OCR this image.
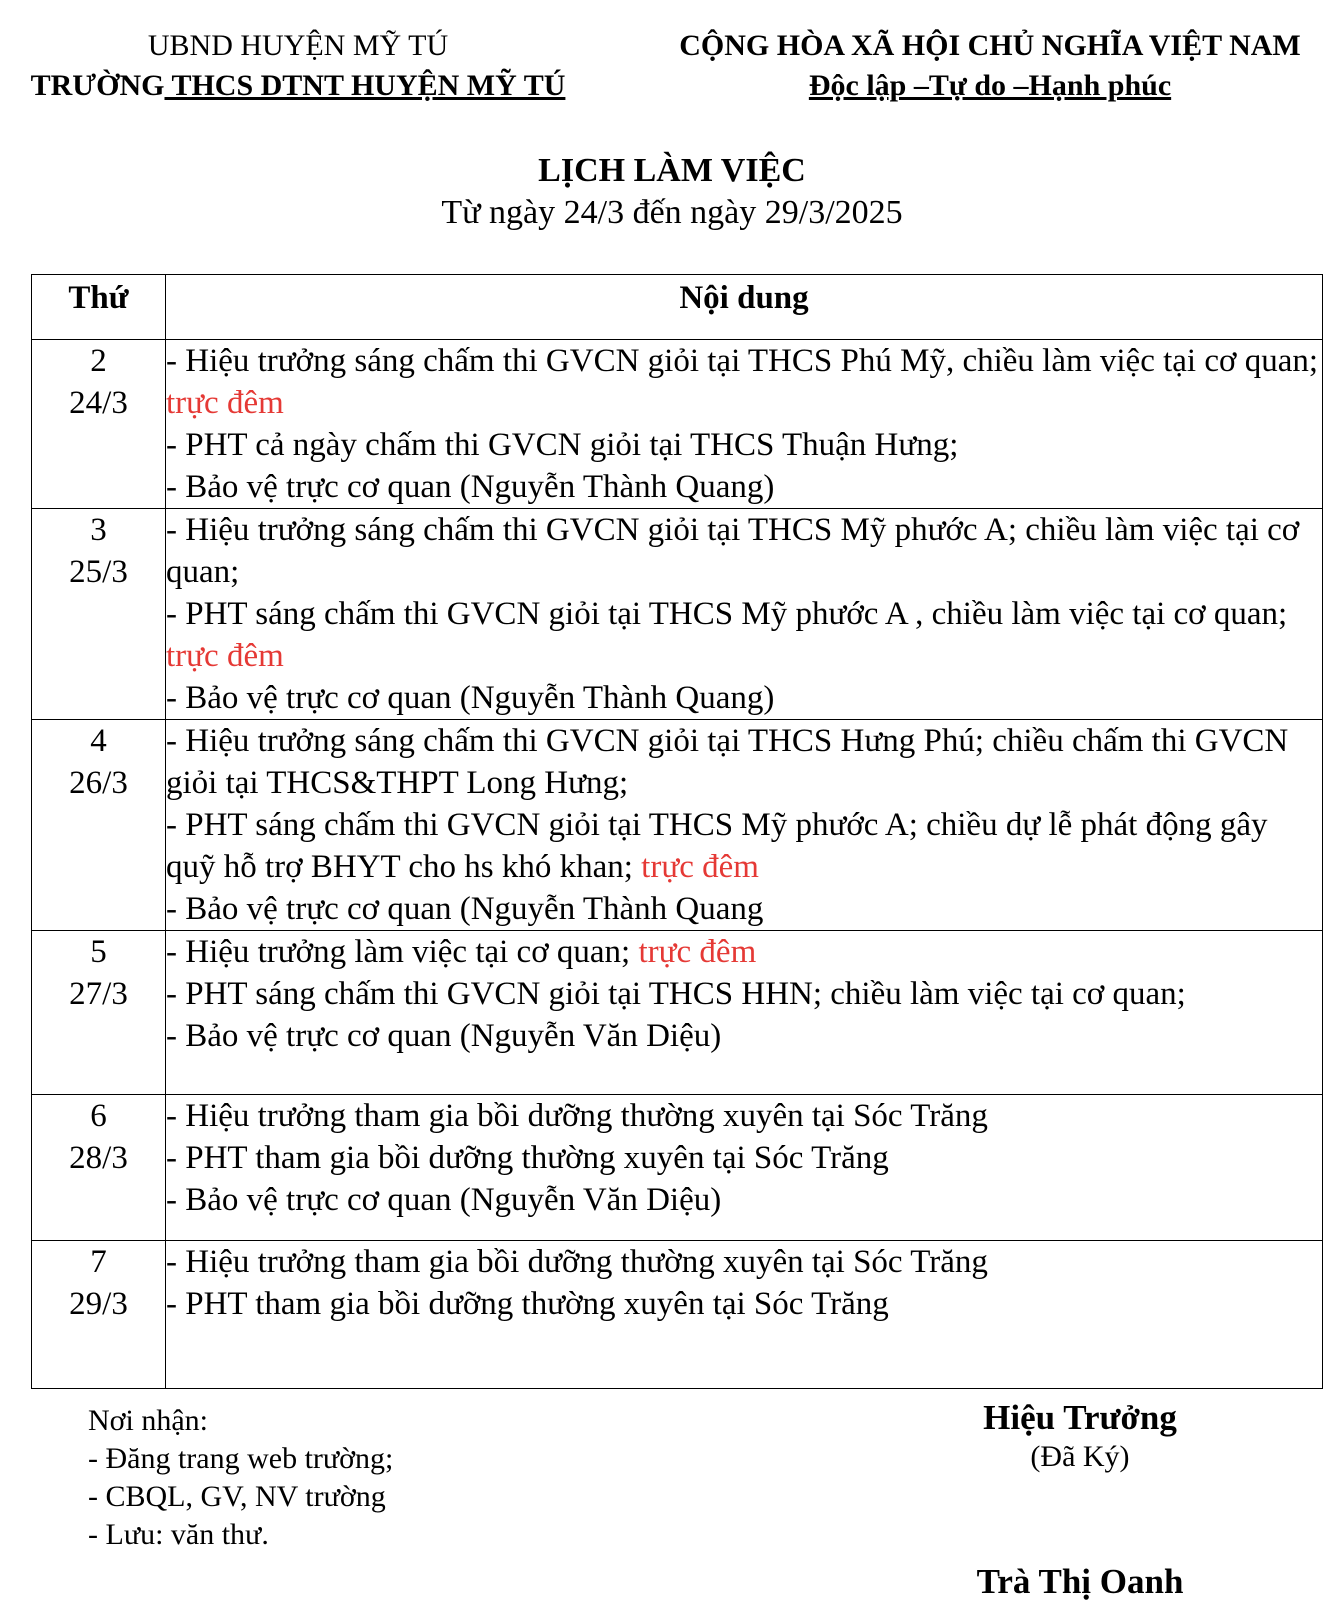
UBND HUYỆN MỸ TÚ
TRƯỜNG THCS DTNT HUYỆN MỸ TÚ
CỘNG HÒA XÃ HỘI CHỦ NGHĨA VIỆT NAM
Độc lập –Tự do –Hạnh phúc
LỊCH LÀM VIỆC
Từ ngày 24/3 đến ngày 29/3/2025
Thứ	Nội dung

2
24/3	- Hiệu trưởng sáng chấm thi GVCN giỏi tại THCS Phú Mỹ, chiều làm việc tại cơ quan; trực đêm
- PHT cả ngày chấm thi GVCN giỏi tại THCS Thuận Hưng;
- Bảo vệ trực cơ quan (Nguyễn Thành Quang)

3
25/3	- Hiệu trưởng sáng chấm thi GVCN giỏi tại THCS Mỹ phước A; chiều làm việc tại cơ quan;
- PHT sáng chấm thi GVCN giỏi tại THCS Mỹ phước A , chiều làm việc tại cơ quan; trực đêm
- Bảo vệ trực cơ quan (Nguyễn Thành Quang)

4
26/3	- Hiệu trưởng sáng chấm thi GVCN giỏi tại THCS Hưng Phú; chiều chấm thi GVCN giỏi tại THCS&THPT Long Hưng;
- PHT sáng chấm thi GVCN giỏi tại THCS Mỹ phước A; chiều dự lễ phát động gây quỹ hỗ trợ BHYT cho hs khó khan; trực đêm
- Bảo vệ trực cơ quan (Nguyễn Thành Quang

5
27/3	- Hiệu trưởng làm việc tại cơ quan; trực đêm
- PHT sáng chấm thi GVCN giỏi tại THCS HHN; chiều làm việc tại cơ quan;
- Bảo vệ trực cơ quan (Nguyễn Văn Diệu)

6
28/3	- Hiệu trưởng tham gia bồi dưỡng thường xuyên tại Sóc Trăng
- PHT tham gia bồi dưỡng thường xuyên tại Sóc Trăng
- Bảo vệ trực cơ quan (Nguyễn Văn Diệu)

7
29/3	- Hiệu trưởng tham gia bồi dưỡng thường xuyên tại Sóc Trăng
- PHT tham gia bồi dưỡng thường xuyên tại Sóc Trăng
Nơi nhận:
- Đăng trang web trường;
- CBQL, GV, NV trường
- Lưu: văn thư.
Hiệu Trưởng
(Đã Ký)
Trà Thị Oanh
